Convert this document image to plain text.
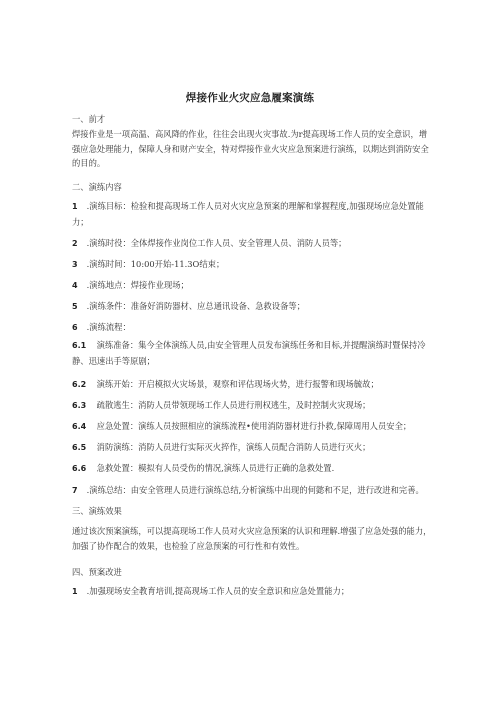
焊接作业火灾应急履案演练
一、前才
焊接作业是一项高温、高风降的作业，往往会出现火灾事故.为r提高现场工作人员的安全意识，增强应急处理能力，保障人身和财产安全，特对焊接作业火灾应急预案进行演练，以期达到消防安全的目的。
二、演练内容
1 .演练目标：检验和提高现场工作人员对火灾应急预案的理解和掌握程度,加强现场应急处置能力；
2 .演练时役：全体焊接作业岗位工作人员、安全管理人员、消防人员等；
3 .演练时间：10:00开始-11.3O结束；
4 .演练地点：焊接作业现场；
5 .演练条件：准备好消防器材、应总通讯设备、急救设备等；
6 .演练流程：
6.1 演练准备：集今全体演练人员,由安全管理人员发布演练任务和目标,并提醒演练时暨保持冷静、迅速出手等原剧；
6.2 演练开始：开启模拟火灾场景，观察和评估现场火势，进行报警和现场毓故；
6.3 疏散逃生：消防人员带领现场工作人员进行刑权逃生，及时控制火灾现场；
6.4 应急处置：演练人员按照相应的演练流程•使用消防器材进行扑救,保障周用人员安全；
6.5 消防演练：消防人员进行实际灭火捽作，演练人员配合消防人员进行灭火；
6.6 急救处置：模拟有人员受伤的情况,演练人员进行正确的急救处置.
7 .演练总结：由安全管理人员进行演练总结,分析演练中出现的何懿和不足，进行改进和完善。
三、演练效果
通过该次预案演练，可以提高现场工作人员对火灾应急预案的认识和理解.增强了应急处强的能力，加强了协作配合的效果，也检验了应急预案的可行性和有效性。
四、预案改进
1 .加强现场安全教育培训,提高现场工作人员的安全意识和应急处置能力；
